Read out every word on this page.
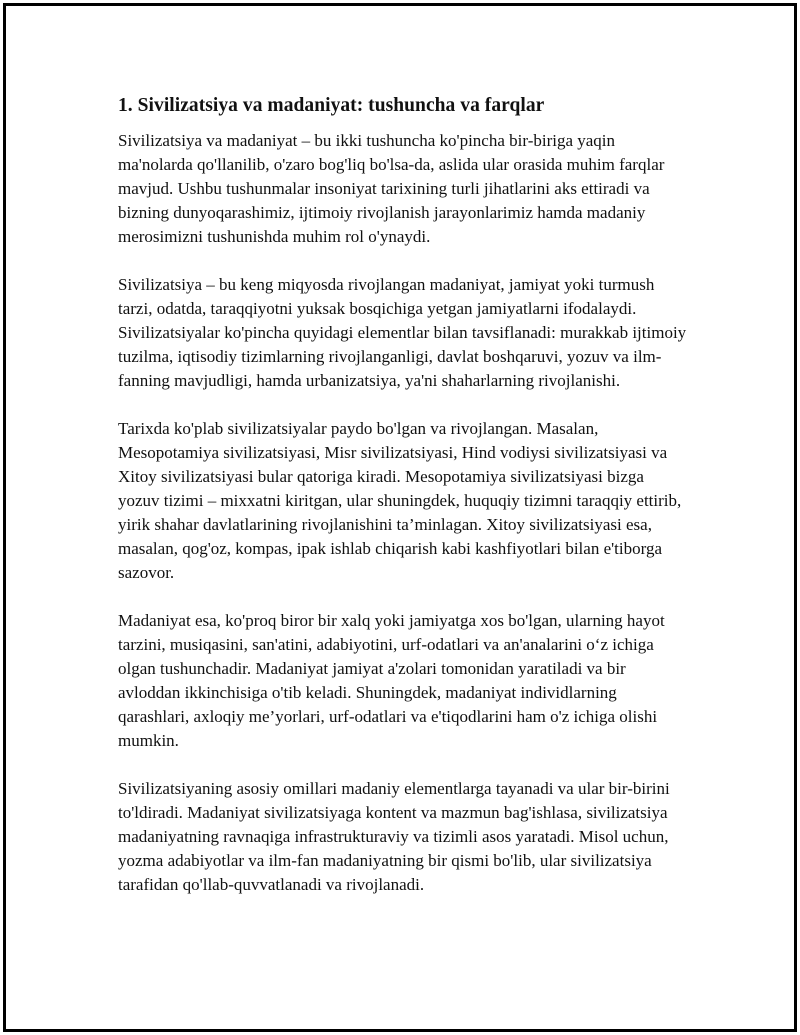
1. Sivilizatsiya va madaniyat: tushuncha va farqlar

Sivilizatsiya va madaniyat – bu ikki tushuncha ko'pincha bir-biriga yaqin ma'nolarda qo'llanilib, o'zaro bog'liq bo'lsa-da, aslida ular orasida muhim farqlar mavjud. Ushbu tushunmalar insoniyat tarixining turli jihatlarini aks ettiradi va bizning dunyoqarashimiz, ijtimoiy rivojlanish jarayonlarimiz hamda madaniy merosimizni tushunishda muhim rol o'ynaydi.

Sivilizatsiya – bu keng miqyosda rivojlangan madaniyat, jamiyat yoki turmush tarzi, odatda, taraqqiyotni yuksak bosqichiga yetgan jamiyatlarni ifodalaydi. Sivilizatsiyalar ko'pincha quyidagi elementlar bilan tavsiflanadi: murakkab ijtimoiy tuzilma, iqtisodiy tizimlarning rivojlanganligi, davlat boshqaruvi, yozuv va ilm-fanning mavjudligi, hamda urbanizatsiya, ya'ni shaharlarning rivojlanishi.

Tarixda ko'plab sivilizatsiyalar paydo bo'lgan va rivojlangan. Masalan, Mesopotamiya sivilizatsiyasi, Misr sivilizatsiyasi, Hind vodiysi sivilizatsiyasi va Xitoy sivilizatsiyasi bular qatoriga kiradi. Mesopotamiya sivilizatsiyasi bizga yozuv tizimi – mixxatni kiritgan, ular shuningdek, huquqiy tizimni taraqqiy ettirib, yirik shahar davlatlarining rivojlanishini ta’minlagan. Xitoy sivilizatsiyasi esa, masalan, qog'oz, kompas, ipak ishlab chiqarish kabi kashfiyotlari bilan e'tiborga sazovor.

Madaniyat esa, ko'proq biror bir xalq yoki jamiyatga xos bo'lgan, ularning hayot tarzini, musiqasini, san'atini, adabiyotini, urf-odatlari va an'analarini o‘z ichiga olgan tushunchadir. Madaniyat jamiyat a'zolari tomonidan yaratiladi va bir avloddan ikkinchisiga o'tib keladi. Shuningdek, madaniyat individlarning qarashlari, axloqiy me’yorlari, urf-odatlari va e'tiqodlarini ham o'z ichiga olishi mumkin.

Sivilizatsiyaning asosiy omillari madaniy elementlarga tayanadi va ular bir-birini to'ldiradi. Madaniyat sivilizatsiyaga kontent va mazmun bag'ishlasa, sivilizatsiya madaniyatning ravnaqiga infrastrukturaviy va tizimli asos yaratadi. Misol uchun, yozma adabiyotlar va ilm-fan madaniyatning bir qismi bo'lib, ular sivilizatsiya tarafidan qo'llab-quvvatlanadi va rivojlanadi.
